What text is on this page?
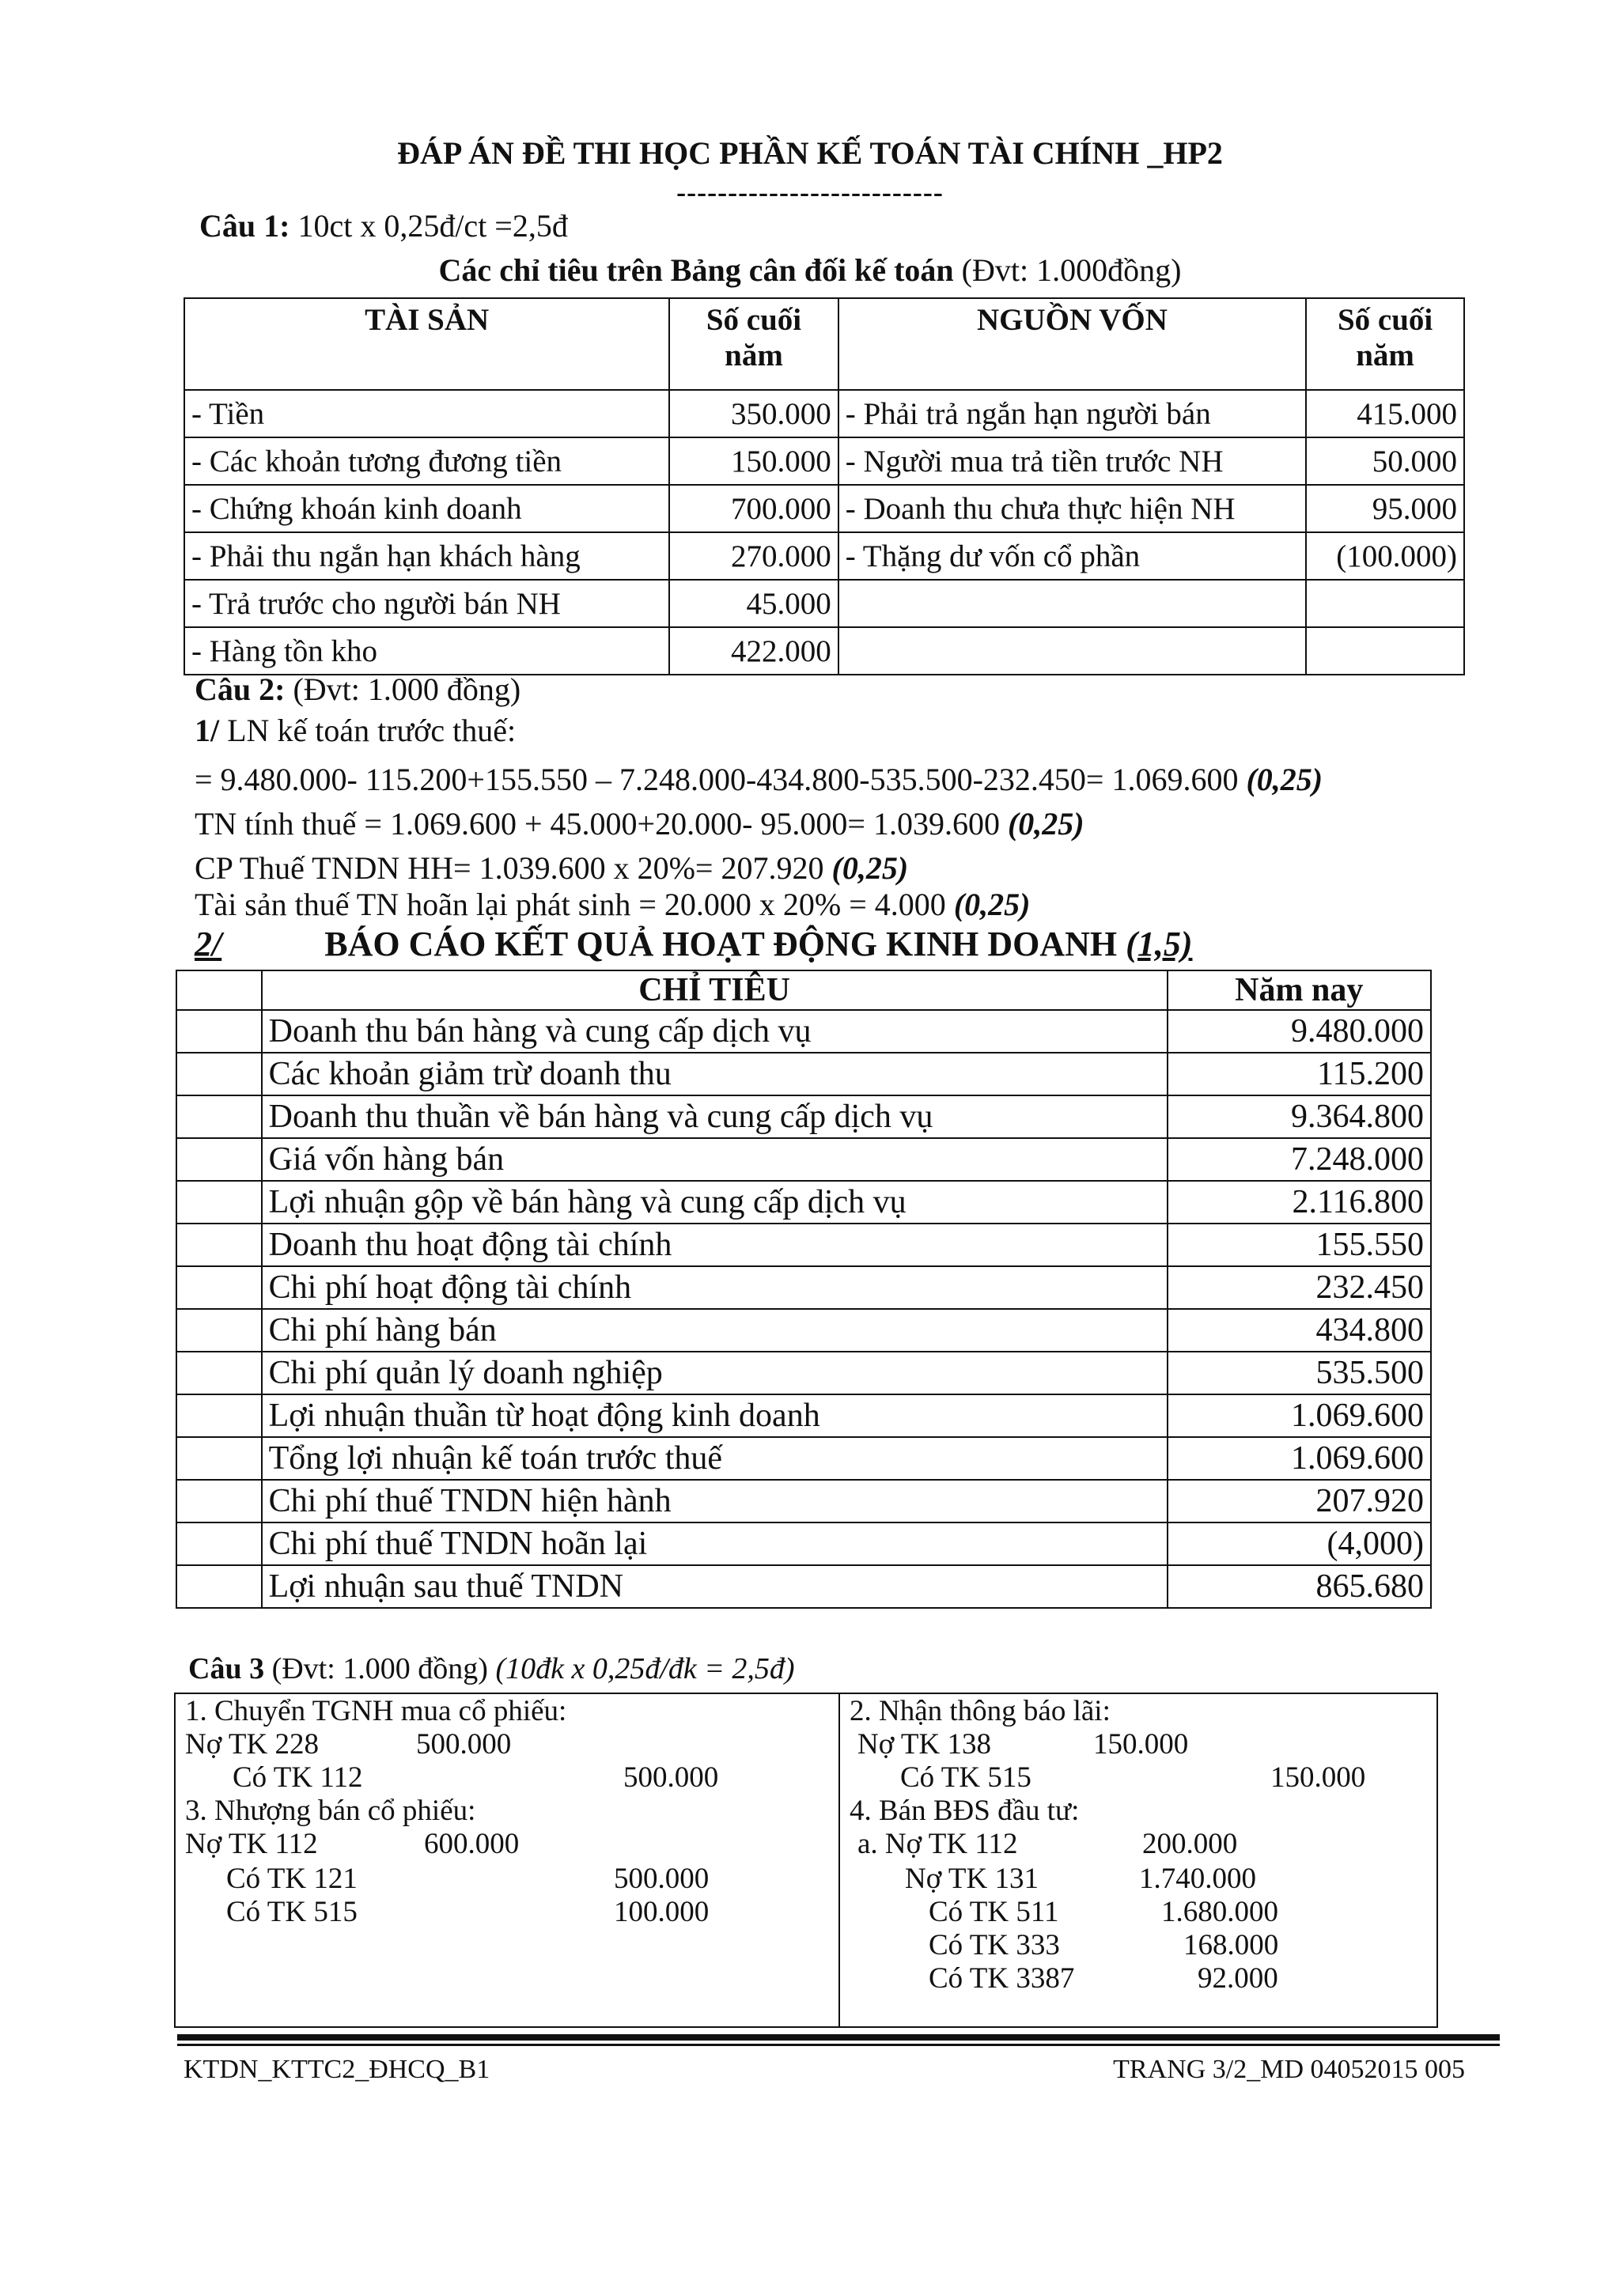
ĐÁP ÁN ĐỀ THI HỌC PHẦN KẾ TOÁN TÀI CHÍNH _HP2
--------------------------
Câu 1: 10ct x 0,25đ/ct =2,5đ
Các chỉ tiêu trên Bảng cân đối kế toán (Đvt: 1.000đồng)
TÀI SẢN	Số cuối năm	NGUỒN VỐN	Số cuối năm
- Tiền	350.000	- Phải trả ngắn hạn người bán	415.000
- Các khoản tương đương tiền	150.000	- Người mua trả tiền trước NH	50.000
- Chứng khoán kinh doanh	700.000	- Doanh thu chưa thực hiện NH	95.000
- Phải thu ngắn hạn khách hàng	270.000	- Thặng dư vốn cổ phần	(100.000)
- Trả trước cho người bán NH	45.000		
- Hàng tồn kho	422.000		
Câu 2: (Đvt: 1.000 đồng)
1/ LN kế toán trước thuế:
= 9.480.000- 115.200+155.550 – 7.248.000-434.800-535.500-232.450= 1.069.600 (0,25)
TN tính thuế = 1.069.600 + 45.000+20.000- 95.000= 1.039.600 (0,25)
CP Thuế TNDN HH= 1.039.600 x 20%= 207.920 (0,25)
Tài sản thuế TN hoãn lại phát sinh = 20.000 x 20% = 4.000 (0,25)
2/	BÁO CÁO KẾT QUẢ HOẠT ĐỘNG KINH DOANH (1,5)
	CHỈ TIÊU	Năm nay
	Doanh thu bán hàng và cung cấp dịch vụ	9.480.000
	Các khoản giảm trừ doanh thu	115.200
	Doanh thu thuần về bán hàng và cung cấp dịch vụ	9.364.800
	Giá vốn hàng bán	7.248.000
	Lợi nhuận gộp về bán hàng và cung cấp dịch vụ	2.116.800
	Doanh thu hoạt động tài chính	155.550
	Chi phí hoạt động tài chính	232.450
	Chi phí hàng bán	434.800
	Chi phí quản lý doanh nghiệp	535.500
	Lợi nhuận thuần từ hoạt động kinh doanh	1.069.600
	Tổng lợi nhuận kế toán trước thuế	1.069.600
	Chi phí thuế TNDN hiện hành	207.920
	Chi phí thuế TNDN hoãn lại	(4,000)
	Lợi nhuận sau thuế TNDN	865.680
Câu 3 (Đvt: 1.000 đồng) (10đk x 0,25đ/đk = 2,5đ)
1. Chuyển TGNH mua cổ phiếu:
Nợ TK 228	500.000
Có TK 112	500.000
3. Nhượng bán cổ phiếu:
Nợ TK 112	600.000
Có TK 121	500.000
Có TK 515	100.000
2. Nhận thông báo lãi:
Nợ TK 138	150.000
Có TK 515	150.000
4. Bán BĐS đầu tư:
a. Nợ TK 112	200.000
Nợ TK 131	1.740.000
Có TK 511	1.680.000
Có TK 333	168.000
Có TK 3387	92.000
KTDN_KTTC2_ĐHCQ_B1	TRANG 3/2_MD 04052015 005
